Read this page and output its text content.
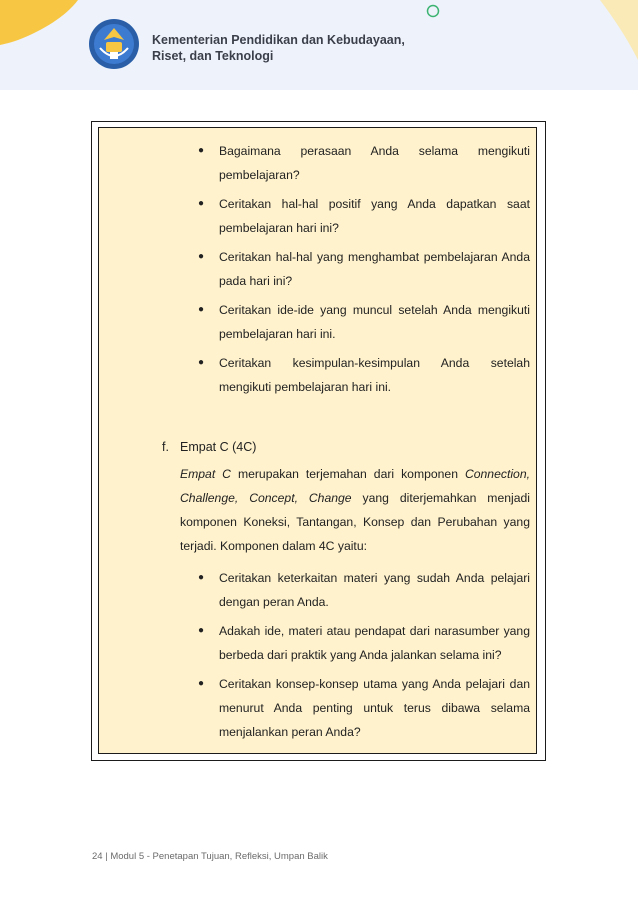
Kementerian Pendidikan dan Kebudayaan,
Riset, dan Teknologi
● Bagaimana perasaan Anda selama mengikuti pembelajaran?

● Ceritakan hal-hal positif yang Anda dapatkan saat pembelajaran hari ini?

● Ceritakan hal-hal yang menghambat pembelajaran Anda pada hari ini?

● Ceritakan ide-ide yang muncul setelah Anda mengikuti pembelajaran hari ini.

● Ceritakan kesimpulan-kesimpulan Anda setelah mengikuti pembelajaran hari ini.

f. Empat C (4C)

Empat C merupakan terjemahan dari komponen Connection, Challenge, Concept, Change yang diterjemahkan menjadi komponen Koneksi, Tantangan, Konsep dan Perubahan yang terjadi. Komponen dalam 4C yaitu:

● Ceritakan keterkaitan materi yang sudah Anda pelajari dengan peran Anda.

● Adakah ide, materi atau pendapat dari narasumber yang berbeda dari praktik yang Anda jalankan selama ini?

● Ceritakan konsep-konsep utama yang Anda pelajari dan menurut Anda penting untuk terus dibawa selama menjalankan peran Anda?

24 | Modul 5 - Penetapan Tujuan, Refleksi, Umpan Balik
